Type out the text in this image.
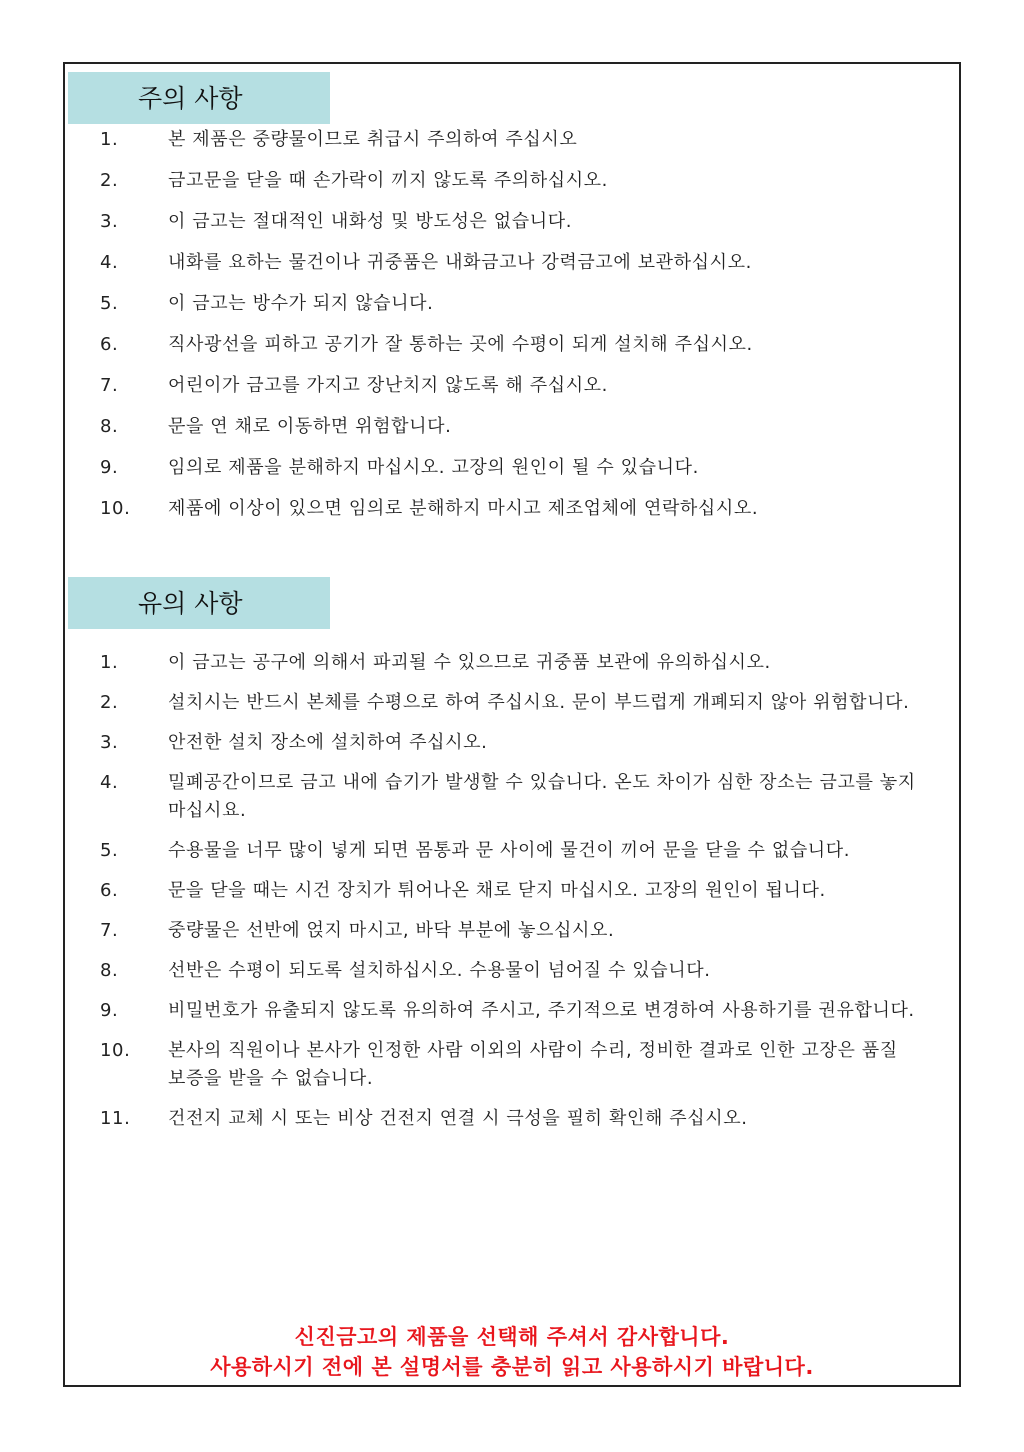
주의 사항
1.	본 제품은 중량물이므로 취급시 주의하여 주십시오
2.	금고문을 닫을 때 손가락이 끼지 않도록 주의하십시오.
3.	이 금고는 절대적인 내화성 및 방도성은 없습니다.
4.	내화를 요하는 물건이나 귀중품은 내화금고나 강력금고에 보관하십시오.
5.	이 금고는 방수가 되지 않습니다.
6.	직사광선을 피하고 공기가 잘 통하는 곳에 수평이 되게 설치해 주십시오.
7.	어린이가 금고를 가지고 장난치지 않도록 해 주십시오.
8.	문을 연 채로 이동하면 위험합니다.
9.	임의로 제품을 분해하지 마십시오. 고장의 원인이 될 수 있습니다.
10.	제품에 이상이 있으면 임의로 분해하지 마시고 제조업체에 연락하십시오.
유의 사항
1.	이 금고는 공구에 의해서 파괴될 수 있으므로 귀중품 보관에 유의하십시오.
2.	설치시는 반드시 본체를 수평으로 하여 주십시요. 문이 부드럽게 개폐되지 않아 위험합니다.
3.	안전한 설치 장소에 설치하여 주십시오.
4.	밀폐공간이므로 금고 내에 습기가 발생할 수 있습니다. 온도 차이가 심한 장소는 금고를 놓지 마십시요.
5.	수용물을 너무 많이 넣게 되면 몸통과 문 사이에 물건이 끼어 문을 닫을 수 없습니다.
6.	문을 닫을 때는 시건 장치가 튀어나온 채로 닫지 마십시오. 고장의 원인이 됩니다.
7.	중량물은 선반에 얹지 마시고, 바닥 부분에 놓으십시오.
8.	선반은 수평이 되도록 설치하십시오. 수용물이 넘어질 수 있습니다.
9.	비밀번호가 유출되지 않도록 유의하여 주시고, 주기적으로 변경하여 사용하기를 권유합니다.
10.	본사의 직원이나 본사가 인정한 사람 이외의 사람이 수리, 정비한 결과로 인한 고장은 품질 보증을 받을 수 없습니다.
11.	건전지 교체 시 또는 비상 건전지 연결 시 극성을 필히 확인해 주십시오.
신진금고의 제품을 선택해 주셔서 감사합니다.
사용하시기 전에 본 설명서를 충분히 읽고 사용하시기 바랍니다.
